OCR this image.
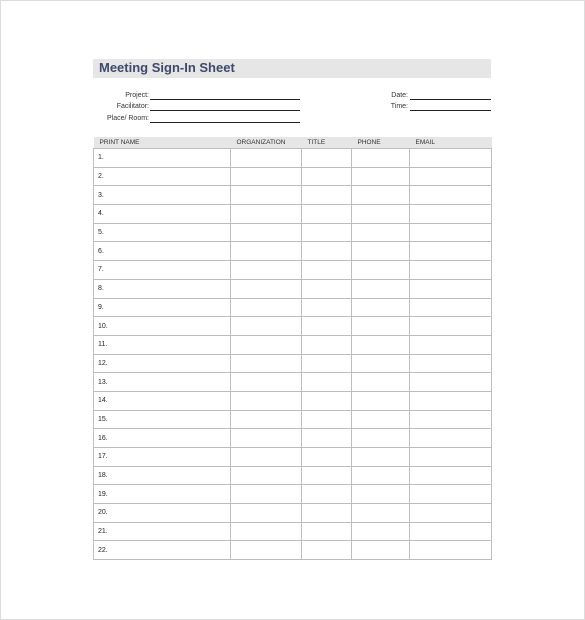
Meeting Sign-In Sheet
Project:
Facilitator:
Place/ Room:
Date:
Time:
PRINT NAME	ORGANIZATION	TITLE	PHONE	EMAIL
1.				
2.				
3.				
4.				
5.				
6.				
7.				
8.				
9.				
10.				
11.				
12.				
13.				
14.				
15.				
16.				
17.				
18.				
19.				
20.				
21.				
22.				
